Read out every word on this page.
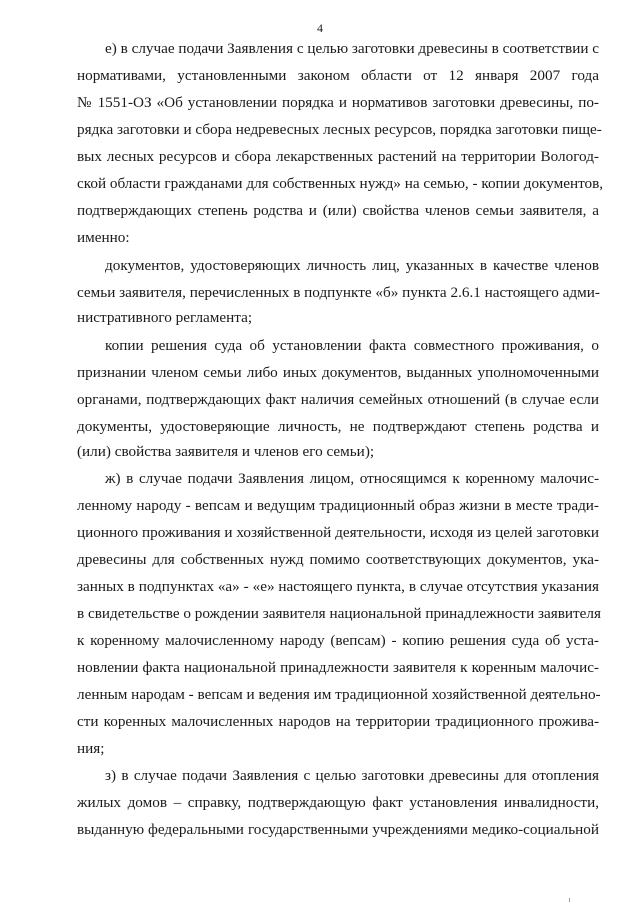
4
е) в случае подачи Заявления с целью заготовки древесины в соответствии с
нормативами, установленными законом области от 12 января 2007 года
№ 1551-ОЗ «Об установлении порядка и нормативов заготовки древесины, по-
рядка заготовки и сбора недревесных лесных ресурсов, порядка заготовки пище-
вых лесных ресурсов и сбора лекарственных растений на территории Вологод-
ской области гражданами для собственных нужд» на семью, - копии документов,
подтверждающих степень родства и (или) свойства членов семьи заявителя, а
именно:
документов, удостоверяющих личность лиц, указанных в качестве членов
семьи заявителя, перечисленных в подпункте «б» пункта 2.6.1 настоящего адми-
нистративного регламента;
копии решения суда об установлении факта совместного проживания, о
признании членом семьи либо иных документов, выданных уполномоченными
органами, подтверждающих факт наличия семейных отношений (в случае если
документы, удостоверяющие личность, не подтверждают степень родства и
(или) свойства заявителя и членов его семьи);
ж) в случае подачи Заявления лицом, относящимся к коренному малочис-
ленному народу - вепсам и ведущим традиционный образ жизни в месте тради-
ционного проживания и хозяйственной деятельности, исходя из целей заготовки
древесины для собственных нужд помимо соответствующих документов, ука-
занных в подпунктах «а» - «е» настоящего пункта, в случае отсутствия указания
в свидетельстве о рождении заявителя национальной принадлежности заявителя
к коренному малочисленному народу (вепсам) - копию решения суда об уста-
новлении факта национальной принадлежности заявителя к коренным малочис-
ленным народам - вепсам и ведения им традиционной хозяйственной деятельно-
сти коренных малочисленных народов на территории традиционного прожива-
ния;
з) в случае подачи Заявления с целью заготовки древесины для отопления
жилых домов – справку, подтверждающую факт установления инвалидности,
выданную федеральными государственными учреждениями медико-социальной
